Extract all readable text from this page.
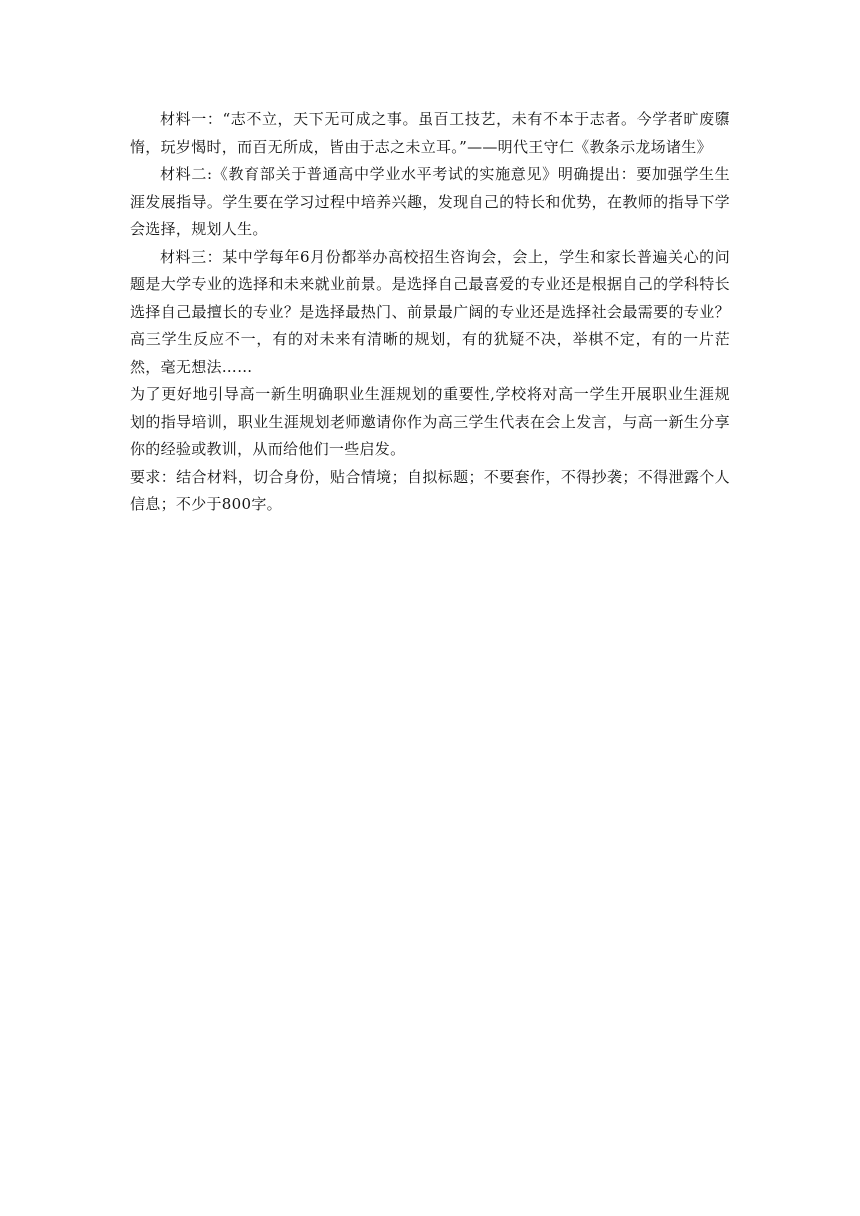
材料一：“志不立，天下无可成之事。虽百工技艺，未有不本于志者。今学者旷废隳惰，玩岁愒时，而百无所成，皆由于志之未立耳。”——明代王守仁《教条示龙场诸生》

材料二:《教育部关于普通高中学业水平考试的实施意见》明确提出：要加强学生生涯发展指导。学生要在学习过程中培养兴趣，发现自己的特长和优势，在教师的指导下学会选择，规划人生。

材料三：某中学每年6月份都举办高校招生咨询会，会上，学生和家长普遍关心的问题是大学专业的选择和未来就业前景。是选择自己最喜爱的专业还是根据自己的学科特长选择自己最擅长的专业？是选择最热门、前景最广阔的专业还是选择社会最需要的专业？高三学生反应不一，有的对未来有清晰的规划，有的犹疑不决，举棋不定，有的一片茫然，毫无想法……

为了更好地引导高一新生明确职业生涯规划的重要性,学校将对高一学生开展职业生涯规划的指导培训，职业生涯规划老师邀请你作为高三学生代表在会上发言，与高一新生分享你的经验或教训，从而给他们一些启发。

要求：结合材料，切合身份，贴合情境；自拟标题；不要套作，不得抄袭；不得泄露个人信息；不少于800字。
